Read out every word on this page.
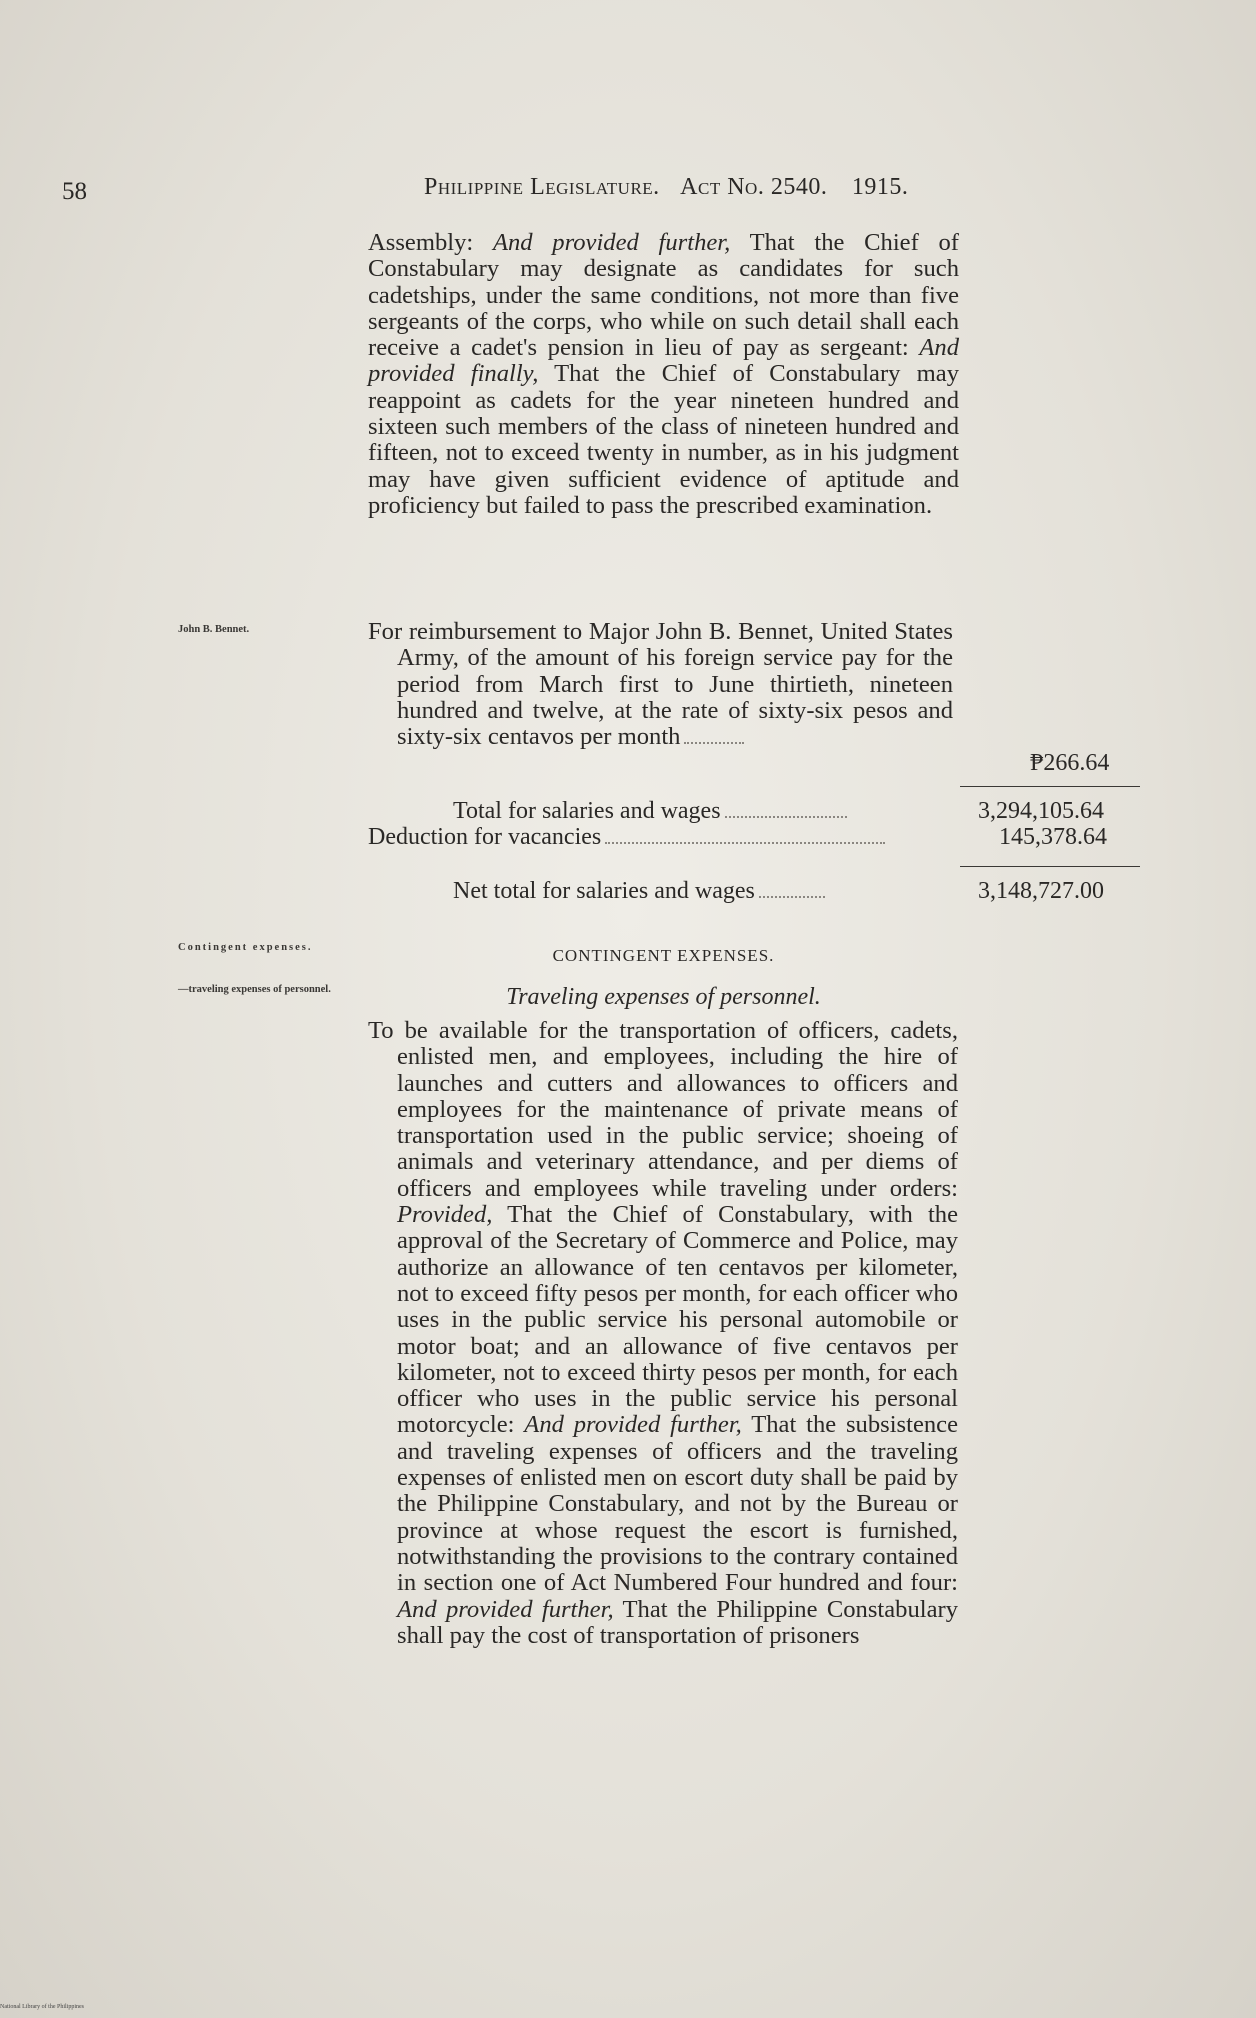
58	Philippine Legislature. Act No. 2540. 1915.

Assembly: And provided further, That the Chief of Constabulary may designate as candidates for such cadetships, under the same conditions, not more than five sergeants of the corps, who while on such detail shall each receive a cadet's pension in lieu of pay as sergeant: And provided finally, That the Chief of Constabulary may reappoint as cadets for the year nineteen hundred and sixteen such members of the class of nineteen hundred and fifteen, not to exceed twenty in number, as in his judgment may have given sufficient evidence of aptitude and proficiency but failed to pass the prescribed examination.

John B. Bennet.	For reimbursement to Major John B. Bennet, United States Army, of the amount of his foreign service pay for the period from March first to June thirtieth, nineteen hundred and twelve, at the rate of sixty-six pesos and sixty-six centavos per month

₱266.64
Total for salaries and wages	3,294,105.64
Deduction for vacancies	145,378.64
Net total for salaries and wages	3,148,727.00
Contingent expenses.
—traveling expenses of personnel.
CONTINGENT EXPENSES.
Traveling expenses of personnel.

To be available for the transportation of officers, cadets, enlisted men, and employees, including the hire of launches and cutters and allowances to officers and employees for the maintenance of private means of transportation used in the public service; shoeing of animals and veterinary attendance, and per diems of officers and employees while traveling under orders: Provided, That the Chief of Constabulary, with the approval of the Secretary of Commerce and Police, may authorize an allowance of ten centavos per kilometer, not to exceed fifty pesos per month, for each officer who uses in the public service his personal automobile or motor boat; and an allowance of five centavos per kilometer, not to exceed thirty pesos per month, for each officer who uses in the public service his personal motorcycle: And provided further, That the subsistence and traveling expenses of officers and the traveling expenses of enlisted men on escort duty shall be paid by the Philippine Constabulary, and not by the Bureau or province at whose request the escort is furnished, notwithstanding the provisions to the contrary contained in section one of Act Numbered Four hundred and four: And provided further, That the Philippine Constabulary shall pay the cost of transportation of prisoners

National Library of the Philippines
